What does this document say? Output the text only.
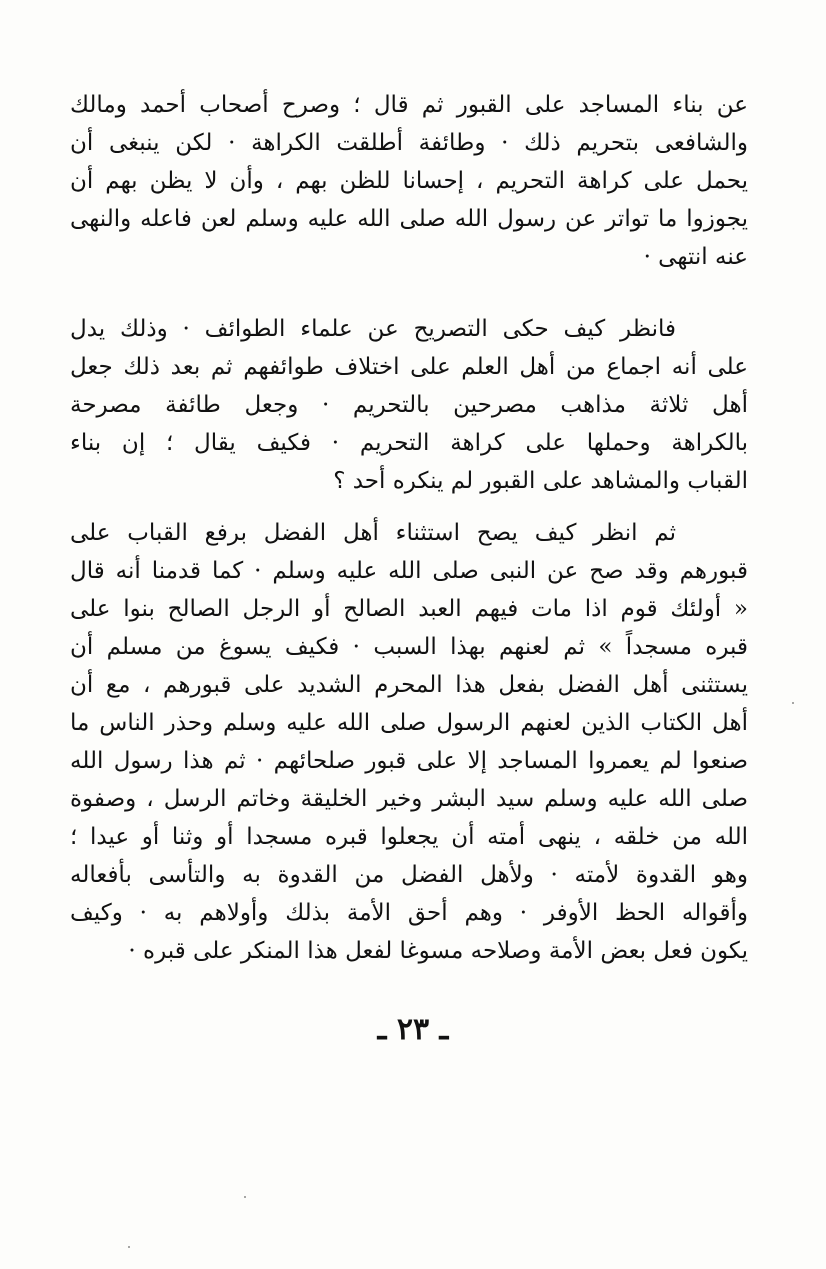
عن بناء المساجد على القبور ثم قال ؛ وصرح أصحاب أحمد ومالك
والشافعى بتحريم ذلك · وطائفة أطلقت الكراهة · لكن ينبغى أن
يحمل على كراهة التحريم ، إحسانا للظن بهم ، وأن لا يظن بهم أن
يجوزوا ما تواتر عن رسول الله صلى الله عليه وسلم لعن فاعله والنهى
عنه انتهى ·
فانظر كيف حكى التصريح عن علماء الطوائف · وذلك يدل
على أنه اجماع من أهل العلم على اختلاف طوائفهم ثم بعد ذلك جعل
أهل ثلاثة مذاهب مصرحين بالتحريم · وجعل طائفة مصرحة
بالكراهة وحملها على كراهة التحريم · فكيف يقال ؛ إن بناء
القباب والمشاهد على القبور لم ينكره أحد ؟
ثم انظر كيف يصح استثناء أهل الفضل برفع القباب على
قبورهم وقد صح عن النبى صلى الله عليه وسلم · كما قدمنا أنه قال
« أولئك قوم اذا مات فيهم العبد الصالح أو الرجل الصالح بنوا على
قبره مسجداً » ثم لعنهم بهذا السبب · فكيف يسوغ من مسلم أن
يستثنى أهل الفضل بفعل هذا المحرم الشديد على قبورهم ، مع أن
أهل الكتاب الذين لعنهم الرسول صلى الله عليه وسلم وحذر الناس ما
صنعوا لم يعمروا المساجد إلا على قبور صلحائهم · ثم هذا رسول الله
صلى الله عليه وسلم سيد البشر وخير الخليقة وخاتم الرسل ، وصفوة
الله من خلقه ، ينهى أمته أن يجعلوا قبره مسجدا أو وثنا أو عيدا ؛
وهو القدوة لأمته · ولأهل الفضل من القدوة به والتأسى بأفعاله
وأقواله الحظ الأوفر · وهم أحق الأمة بذلك وأولاهم به · وكيف
يكون فعل بعض الأمة وصلاحه مسوغا لفعل هذا المنكر على قبره ·
ـ ٢٣ ـ
